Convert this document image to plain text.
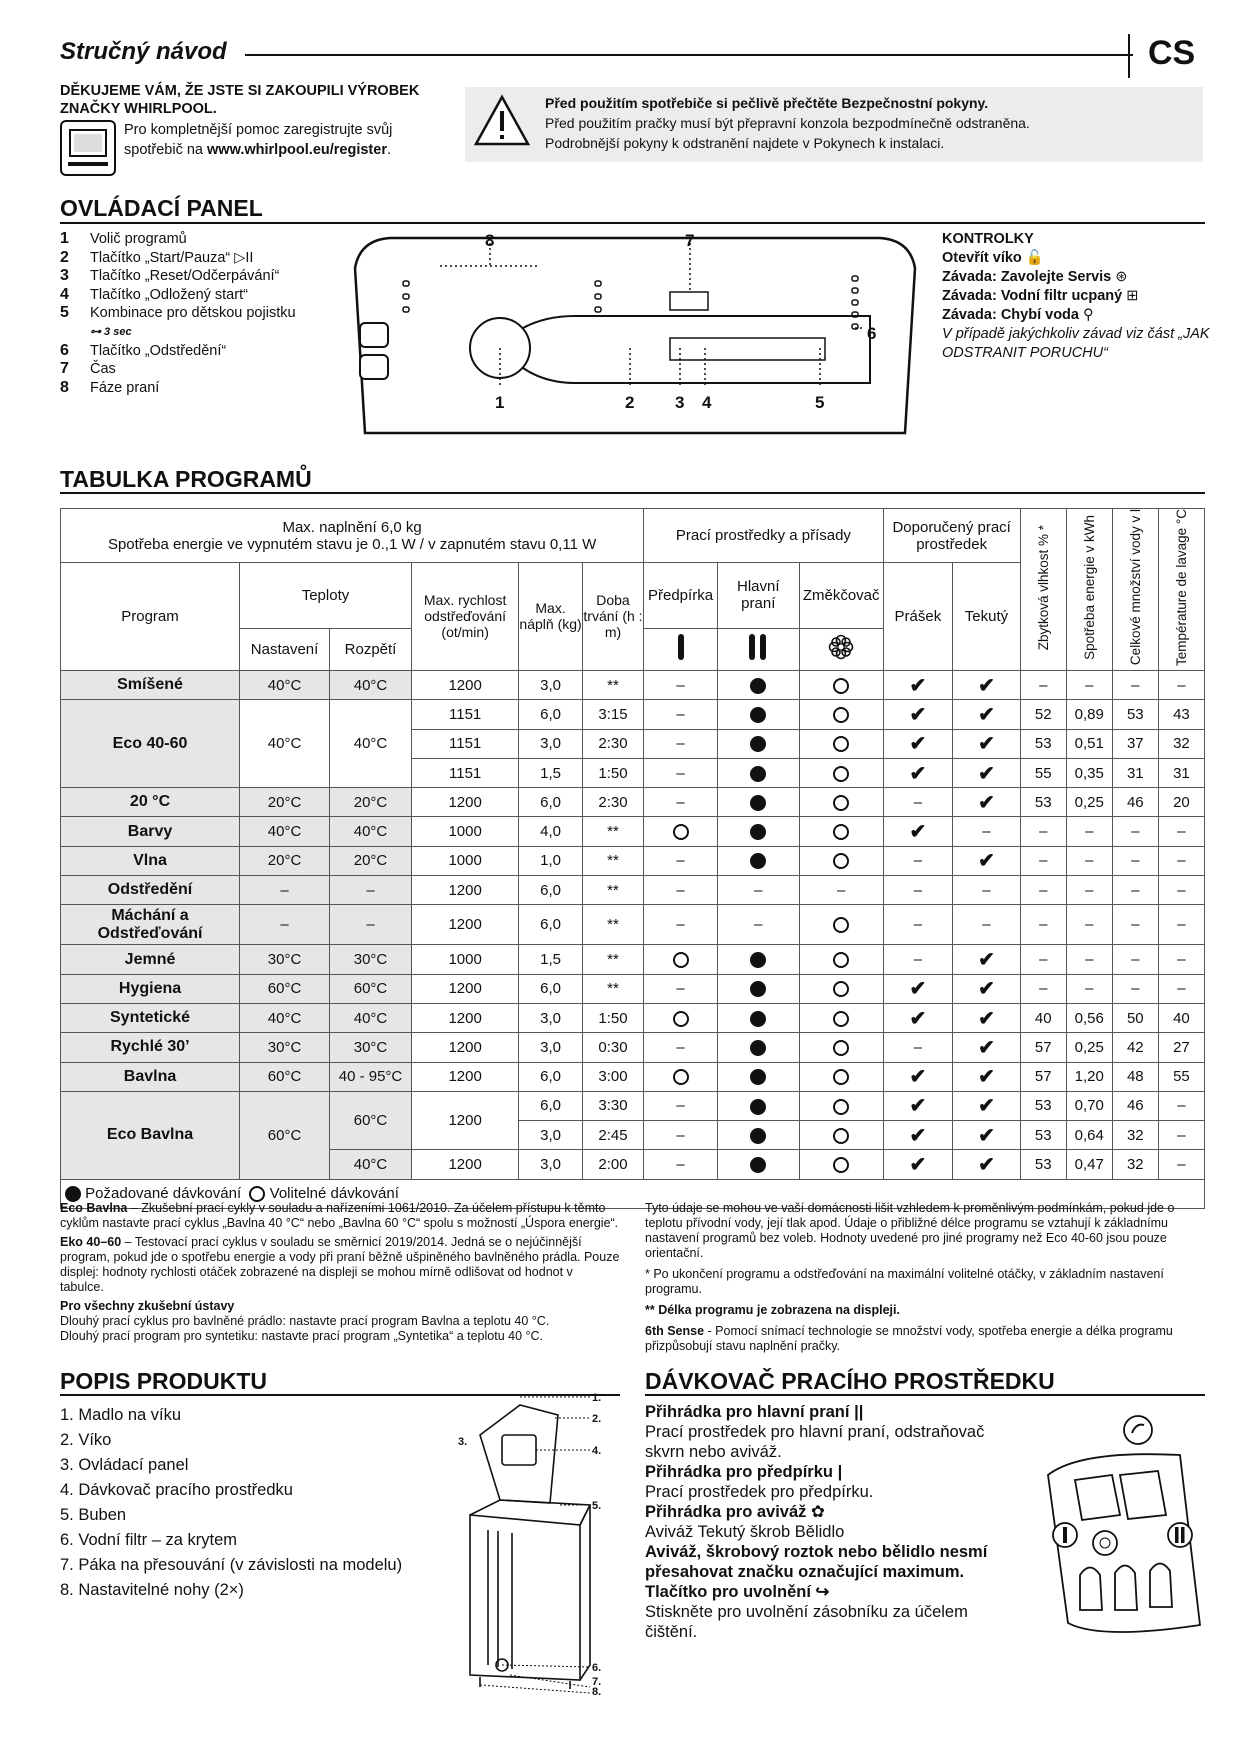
Stručný návod	CS
DĚKUJEME VÁM, ŽE JSTE SI ZAKOUPILI VÝROBEK ZNAČKY WHIRLPOOL.
Pro kompletnější pomoc zaregistrujte svůj spotřebič na www.whirlpool.eu/register.
Před použitím spotřebiče si pečlivě přečtěte Bezpečnostní pokyny.
Před použitím pračky musí být přepravní konzola bezpodmínečně odstraněna.
Podrobnější pokyny k odstranění najdete v Pokynech k instalaci.
OVLÁDACÍ PANEL
1	Volič programů
2	Tlačítko „Start/Pauza“ ▷II
3	Tlačítko „Reset/Odčerpávání“
4	Tlačítko „Odložený start“
5	Kombinace pro dětskou pojistku
⊶ 3 sec
6	Tlačítko „Odstředění“
7	Čas
8	Fáze praní
8	7
6
1	2 3 4	5
KONTROLKY
Otevřít víko 🔓
Závada: Zavolejte Servis ⊛
Závada: Vodní filtr ucpaný ⊞
Závada: Chybí voda ⚲
V případě jakýchkoliv závad viz část „JAK ODSTRANIT PORUCHU“
TABULKA PROGRAMŮ
Max. naplnění 6,0 kg
Spotřeba energie ve vypnutém stavu je 0.,1 W / v zapnutém stavu 0,11 W						Prací prostředky a přísady			Doporučený prací prostředek		Zbytková vlhkost % *	Spotřeba energie v kWh	Celkové množství vody v l	Température de lavage °C
Program	Teploty		Max. rychlost odstřeďování (ot/min)	Max. náplň (kg)	Doba trvání (h : m)	Předpírka	Hlavní praní	Změkčovač	Prášek	Tekutý				
	Nastavení	Rozpětí			
Smíšené	40°C	40°C	1200	3,0	**	–			✔	✔	–	–	–	–
Eco 40-60	40°C	40°C	1151	6,0	3:15	–			✔	✔	52	0,89	53	43
			1151	3,0	2:30	–			✔	✔	53	0,51	37	32
			1151	1,5	1:50	–			✔	✔	55	0,35	31	31
20 °C	20°C	20°C	1200	6,0	2:30	–			–	✔	53	0,25	46	20
Barvy	40°C	40°C	1000	4,0	**				✔	–	–	–	–	–
Vlna	20°C	20°C	1000	1,0	**	–			–	✔	–	–	–	–
Odstředění	–	–	1200	6,0	**	–	–	–	–	–	–	–	–	–
Máchání a Odstřeďování	–	–	1200	6,0	**	–	–		–	–	–	–	–	–
Jemné	30°C	30°C	1000	1,5	**				–	✔	–	–	–	–
Hygiena	60°C	60°C	1200	6,0	**	–			✔	✔	–	–	–	–
Syntetické	40°C	40°C	1200	3,0	1:50				✔	✔	40	0,56	50	40
Rychlé 30’	30°C	30°C	1200	3,0	0:30	–			–	✔	57	0,25	42	27
Bavlna	60°C	40 - 95°C	1200	6,0	3:00				✔	✔	57	1,20	48	55
Eco Bavlna	60°C	60°C	1200	6,0	3:30	–			✔	✔	53	0,70	46	–
				3,0	2:45	–			✔	✔	53	0,64	32	–
		40°C	1200	3,0	2:00	–			✔	✔	53	0,47	32	–
Požadované dávkování Volitelné dávkování														
Eco Bavlna – Zkušební prací cykly v souladu a nařízeními 1061/2010. Za účelem přístupu k těmto cyklům nastavte prací cyklus „Bavlna 40 °C“ nebo „Bavlna 60 °C“ spolu s možností „Úspora energie“.
Eko 40–60 – Testovací prací cyklus v souladu se směrnicí 2019/2014. Jedná se o nejúčinnější program, pokud jde o spotřebu energie a vody při praní běžně ušpiněného bavlněného prádla. Pouze displej: hodnoty rychlosti otáček zobrazené na displeji se mohou mírně odlišovat od hodnot v tabulce.
Pro všechny zkušební ústavy
Dlouhý prací cyklus pro bavlněné prádlo: nastavte prací program Bavlna a teplotu 40 °C.
Dlouhý prací program pro syntetiku: nastavte prací program „Syntetika“ a teplotu 40 °C.
Tyto údaje se mohou ve vaší domácnosti lišit vzhledem k proměnlivým podmínkám, pokud jde o teplotu přívodní vody, její tlak apod. Údaje o přibližné délce programu se vztahují k základnímu nastavení programů bez voleb. Hodnoty uvedené pro jiné programy než Eco 40-60 jsou pouze orientační.
* Po ukončení programu a odstřeďování na maximální volitelné otáčky, v základním nastavení programu.
** Délka programu je zobrazena na displeji.
6th Sense - Pomocí snímací technologie se množství vody, spotřeba energie a délka programu přizpůsobují stavu naplnění pračky.
POPIS PRODUKTU
1. Madlo na víku
2. Víko
3. Ovládací panel
4. Dávkovač pracího prostředku
5. Buben
6. Vodní filtr – za krytem
7. Páka na přesouvání (v závislosti na modelu)
8. Nastavitelné nohy (2×)
1.
2.
3.
4.
5.
6.
7.
8.
DÁVKOVAČ PRACÍHO PROSTŘEDKU
Přihrádka pro hlavní praní ||
Prací prostředek pro hlavní praní, odstraňovač skvrn nebo aviváž.
Přihrádka pro předpírku |
Prací prostředek pro předpírku.
Přihrádka pro aviváž ✿
Aviváž Tekutý škrob Bělidlo
Aviváž, škrobový roztok nebo bělidlo nesmí přesahovat značku označující maximum.
Tlačítko pro uvolnění ↪
Stiskněte pro uvolnění zásobníku za účelem čištění.
